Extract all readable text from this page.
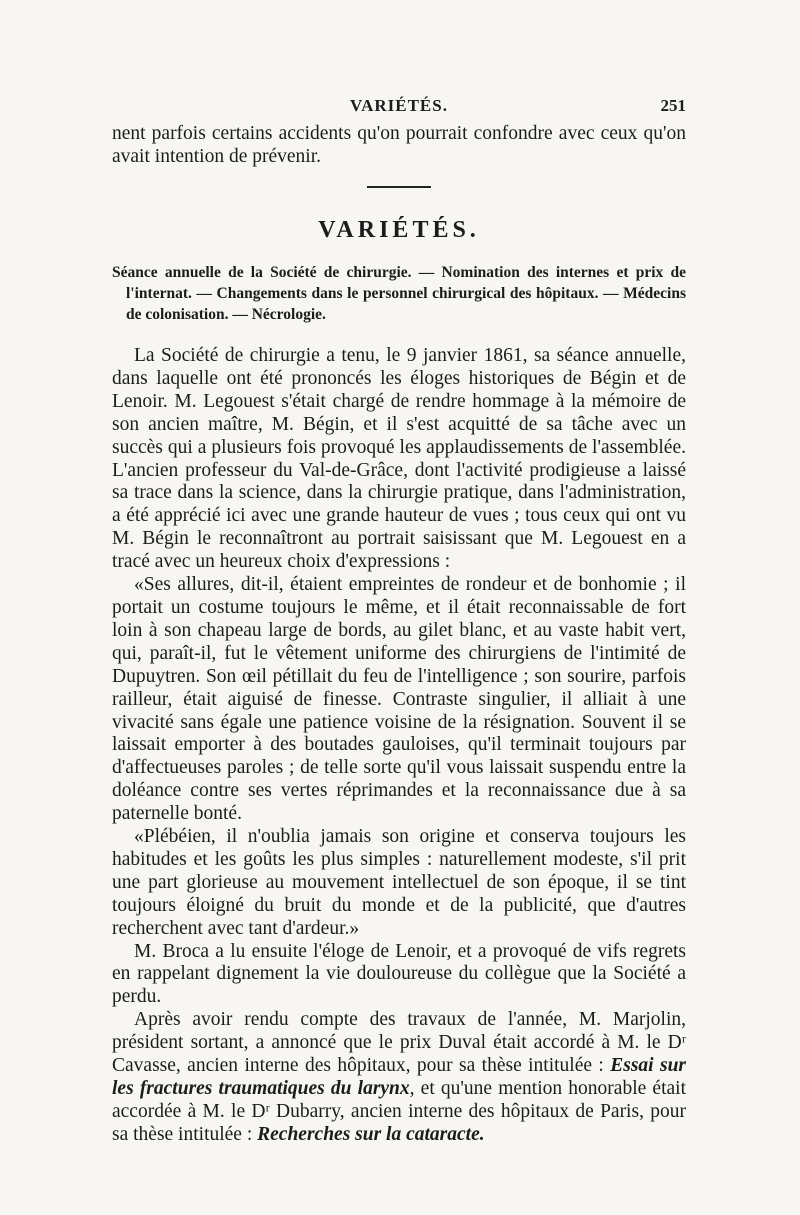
VARIÉTÉS.	251

nent parfois certains accidents qu'on pourrait confondre avec ceux qu'on avait intention de prévenir.

VARIÉTÉS.

Séance annuelle de la Société de chirurgie. — Nomination des internes et prix de l'internat. — Changements dans le personnel chirurgical des hôpitaux. — Médecins de colonisation. — Nécrologie.

La Société de chirurgie a tenu, le 9 janvier 1861, sa séance annuelle, dans laquelle ont été prononcés les éloges historiques de Bégin et de Lenoir. M. Legouest s'était chargé de rendre hommage à la mémoire de son ancien maître, M. Bégin, et il s'est acquitté de sa tâche avec un succès qui a plusieurs fois provoqué les applaudissements de l'assemblée. L'ancien professeur du Val-de-Grâce, dont l'activité prodigieuse a laissé sa trace dans la science, dans la chirurgie pratique, dans l'administration, a été apprécié ici avec une grande hauteur de vues ; tous ceux qui ont vu M. Bégin le reconnaîtront au portrait saisissant que M. Legouest en a tracé avec un heureux choix d'expressions :

«Ses allures, dit-il, étaient empreintes de rondeur et de bonhomie ; il portait un costume toujours le même, et il était reconnaissable de fort loin à son chapeau large de bords, au gilet blanc, et au vaste habit vert, qui, paraît-il, fut le vêtement uniforme des chirurgiens de l'intimité de Dupuytren. Son œil pétillait du feu de l'intelligence ; son sourire, parfois railleur, était aiguisé de finesse. Contraste singulier, il alliait à une vivacité sans égale une patience voisine de la résignation. Souvent il se laissait emporter à des boutades gauloises, qu'il terminait toujours par d'affectueuses paroles ; de telle sorte qu'il vous laissait suspendu entre la doléance contre ses vertes réprimandes et la reconnaissance due à sa paternelle bonté.

«Plébéien, il n'oublia jamais son origine et conserva toujours les habitudes et les goûts les plus simples : naturellement modeste, s'il prit une part glorieuse au mouvement intellectuel de son époque, il se tint toujours éloigné du bruit du monde et de la publicité, que d'autres recherchent avec tant d'ardeur.»

M. Broca a lu ensuite l'éloge de Lenoir, et a provoqué de vifs regrets en rappelant dignement la vie douloureuse du collègue que la Société a perdu.

Après avoir rendu compte des travaux de l'année, M. Marjolin, président sortant, a annoncé que le prix Duval était accordé à M. le Dʳ Cavasse, ancien interne des hôpitaux, pour sa thèse intitulée : Essai sur les fractures traumatiques du larynx, et qu'une mention honorable était accordée à M. le Dʳ Dubarry, ancien interne des hôpitaux de Paris, pour sa thèse intitulée : Recherches sur la cataracte.
